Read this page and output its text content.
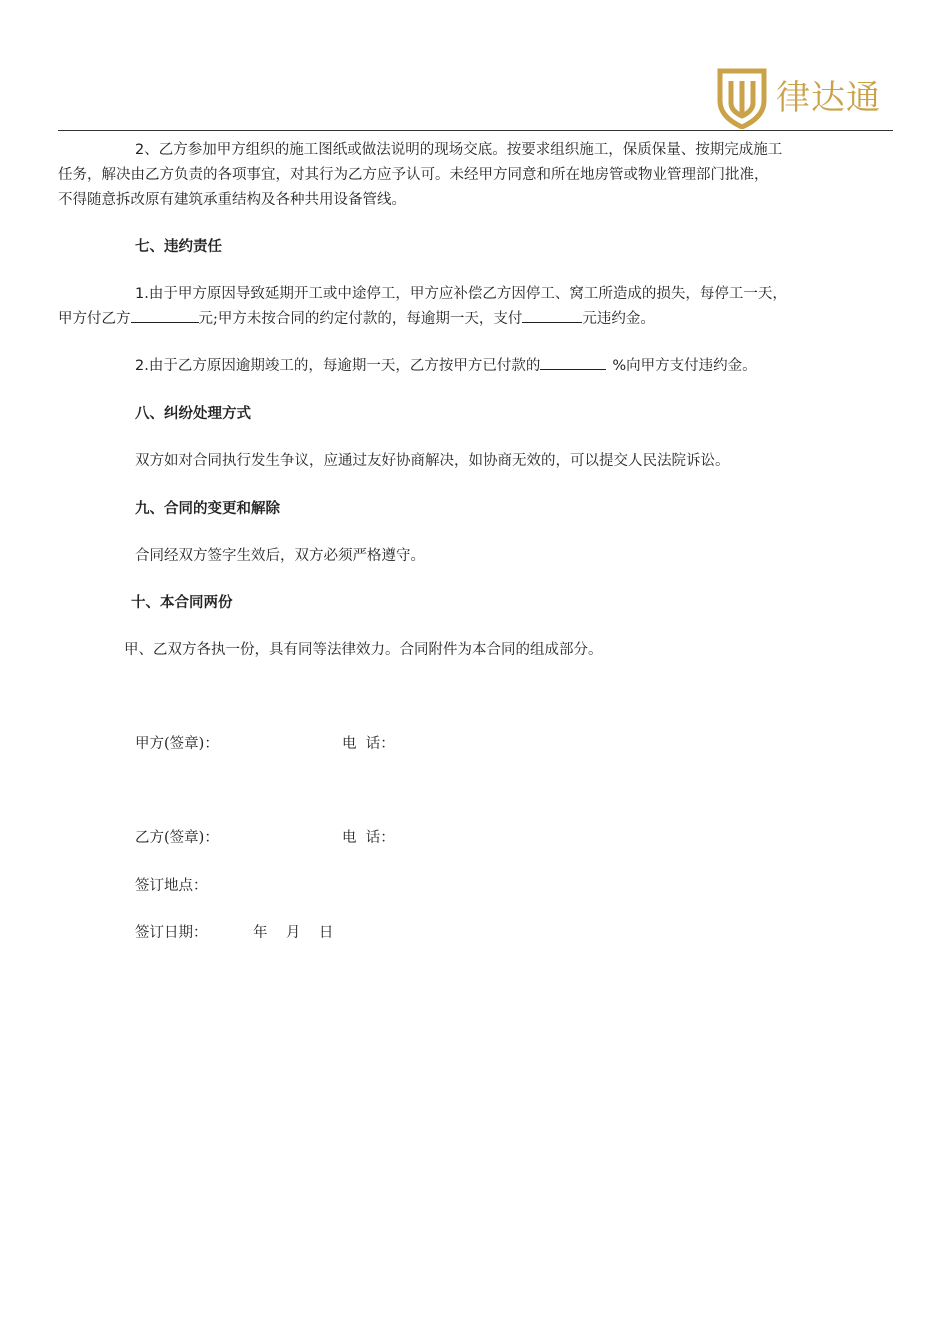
律达通
2、乙方参加甲方组织的施工图纸或做法说明的现场交底。按要求组织施工，保质保量、按期完成施工
任务，解决由乙方负责的各项事宜，对其行为乙方应予认可。未经甲方同意和所在地房管或物业管理部门批准，
不得随意拆改原有建筑承重结构及各种共用设备管线。
七、违约责任
1.由于甲方原因导致延期开工或中途停工，甲方应补偿乙方因停工、窝工所造成的损失，每停工一天，
甲方付乙方	元;甲方未按合同的约定付款的，每逾期一天，支付	元违约金。
2.由于乙方原因逾期竣工的，每逾期一天，乙方按甲方已付款的	%向甲方支付违约金。
八、纠纷处理方式
双方如对合同执行发生争议，应通过友好协商解决，如协商无效的，可以提交人民法院诉讼。
九、合同的变更和解除
合同经双方签字生效后，双方必须严格遵守。
十、本合同两份
甲、乙双方各执一份，具有同等法律效力。合同附件为本合同的组成部分。
甲方(签章)：	电  话：
乙方(签章)：	电  话：
签订地点：
签订日期：	年    月    日
